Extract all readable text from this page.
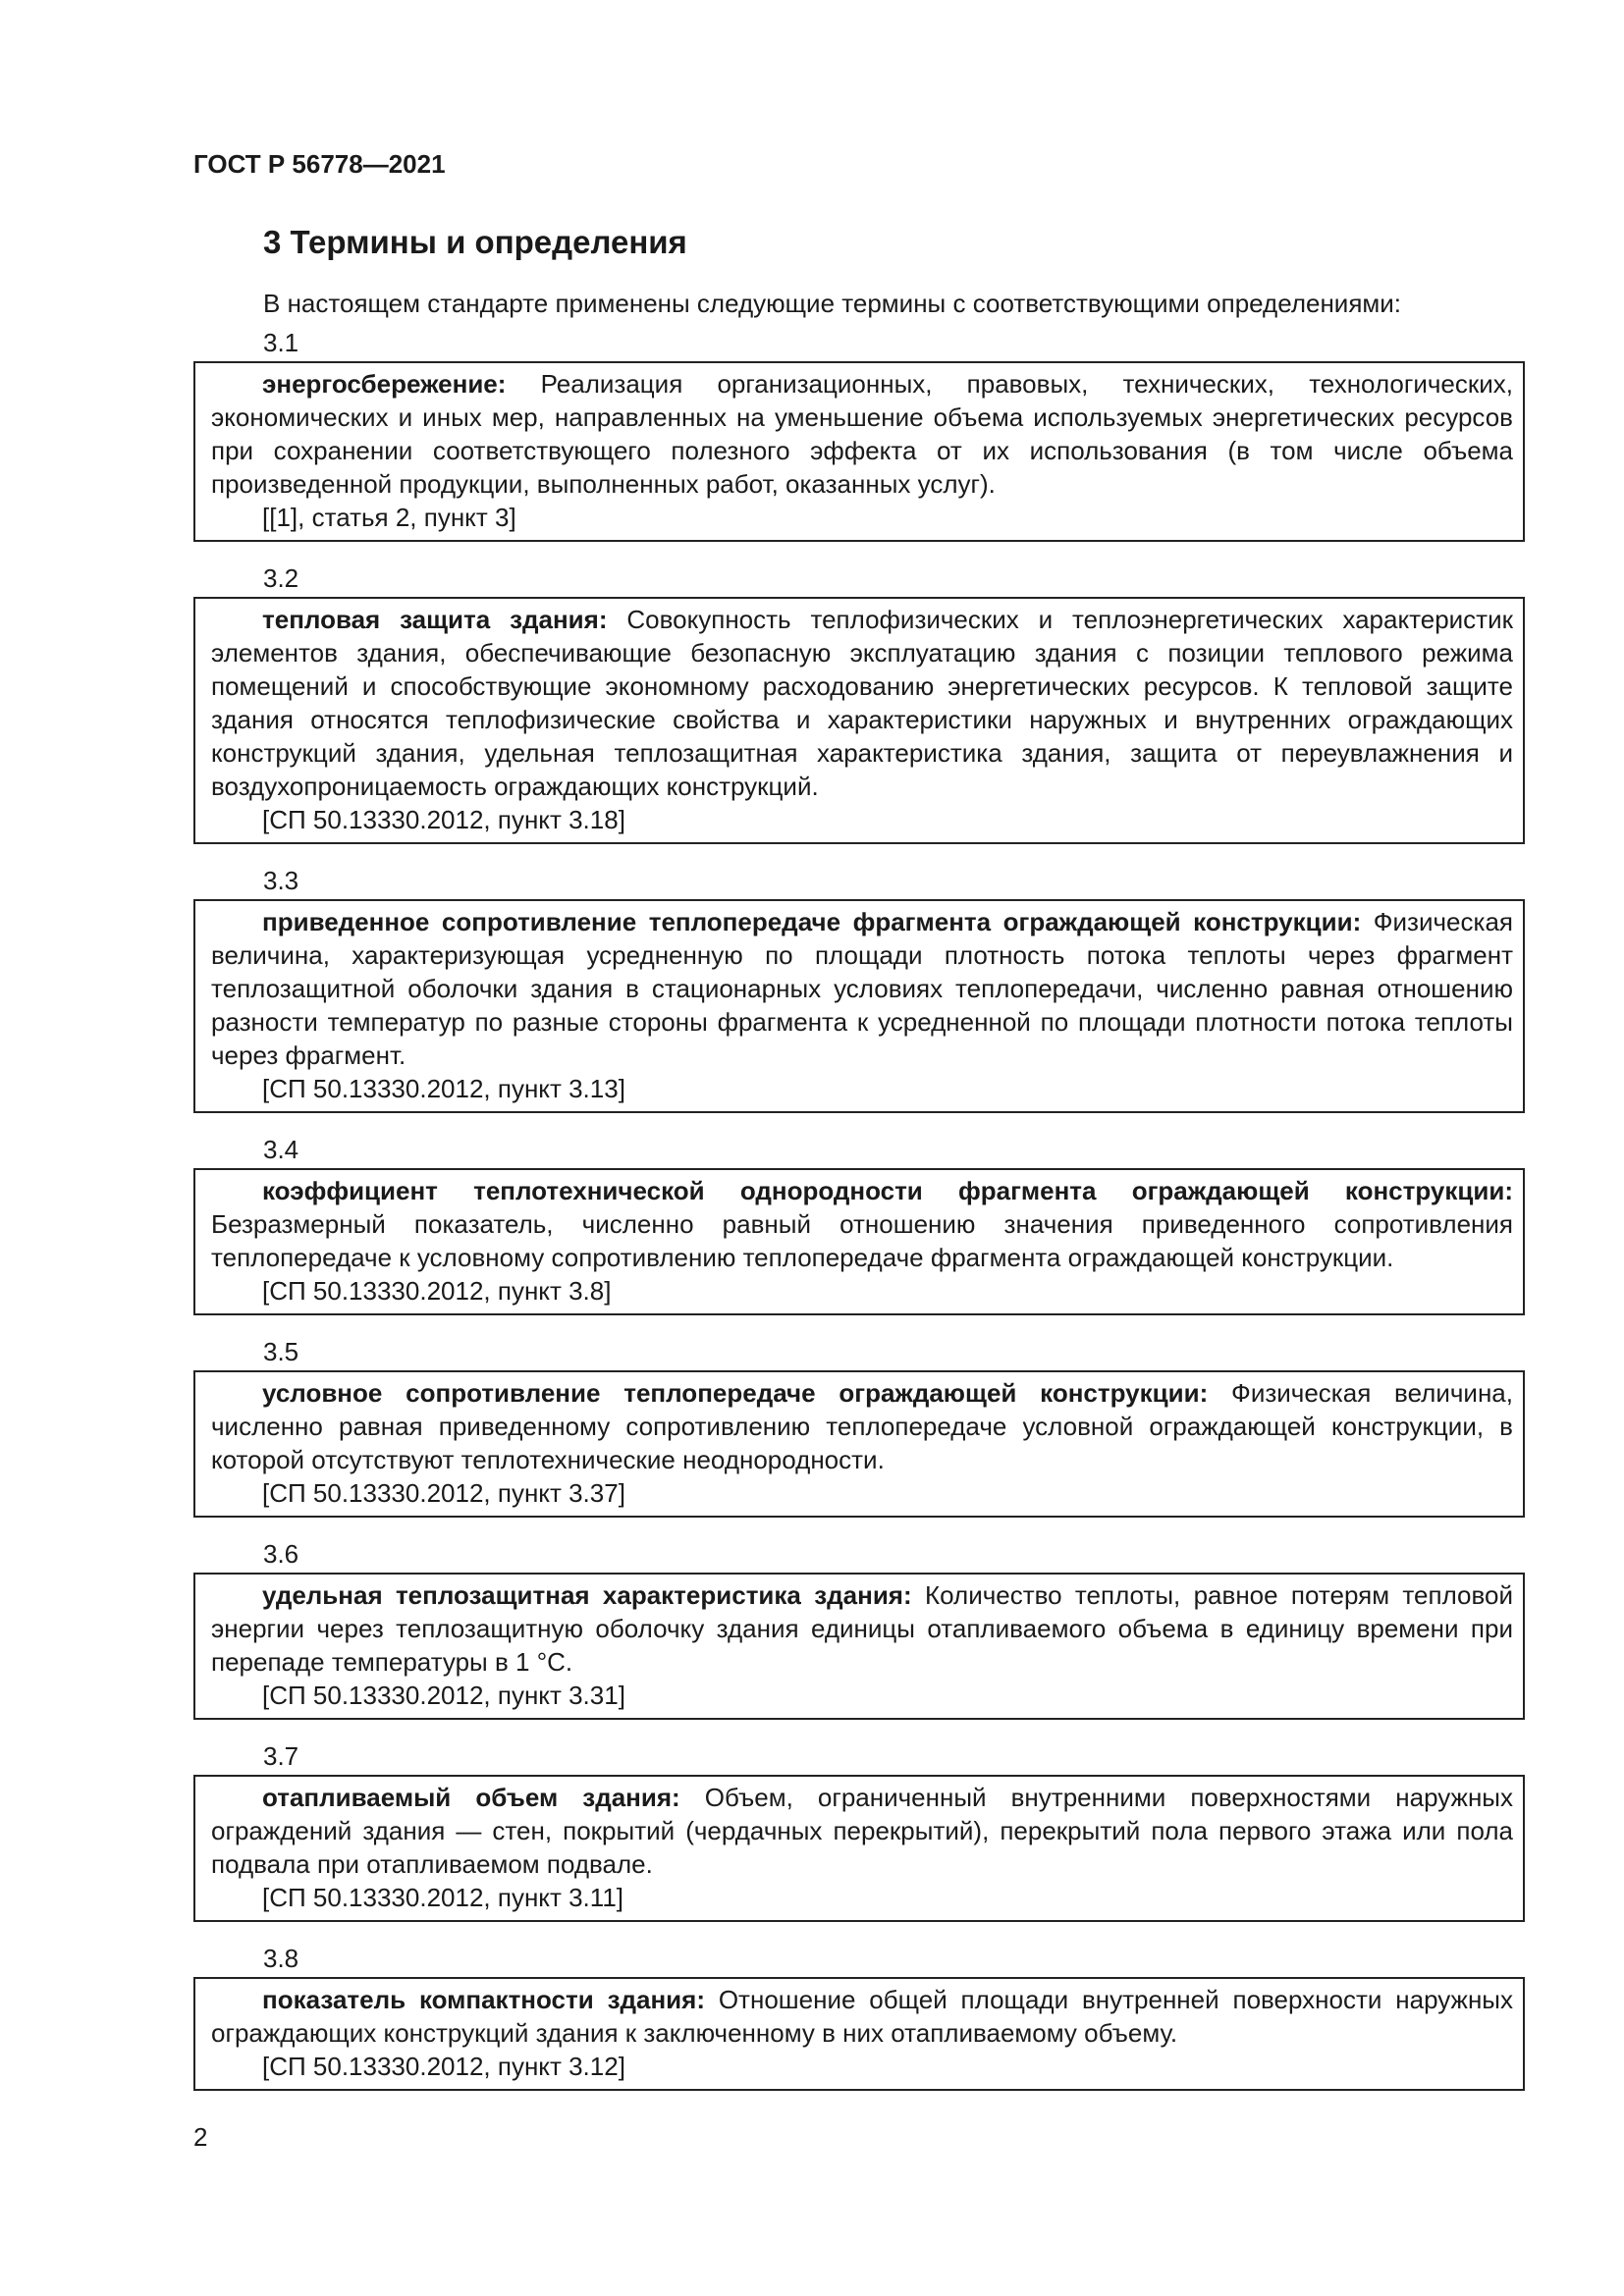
ГОСТ Р 56778—2021
3 Термины и определения
В настоящем стандарте применены следующие термины с соответствующими определениями:
3.1

энергосбережение: Реализация организационных, правовых, технических, технологических, экономических и иных мер, направленных на уменьшение объема используемых энергетических ресурсов при сохранении соответствующего полезного эффекта от их использования (в том числе объема произведенной продукции, выполненных работ, оказанных услуг).

[[1], статья 2, пункт 3]

3.2

тепловая защита здания: Совокупность теплофизических и теплоэнергетических характеристик элементов здания, обеспечивающие безопасную эксплуатацию здания с позиции теплового режима помещений и способствующие экономному расходованию энергетических ресурсов. К тепловой защите здания относятся теплофизические свойства и характеристики наружных и внутренних ограждающих конструкций здания, удельная теплозащитная характеристика здания, защита от переувлажнения и воздухопроницаемость ограждающих конструкций.

[СП 50.13330.2012, пункт 3.18]

3.3

приведенное сопротивление теплопередаче фрагмента ограждающей конструкции: Физическая величина, характеризующая усредненную по площади плотность потока теплоты через фрагмент теплозащитной оболочки здания в стационарных условиях теплопередачи, численно равная отношению разности температур по разные стороны фрагмента к усредненной по площади плотности потока теплоты через фрагмент.

[СП 50.13330.2012, пункт 3.13]

3.4

коэффициент теплотехнической однородности фрагмента ограждающей конструкции: Безразмерный показатель, численно равный отношению значения приведенного сопротивления теплопередаче к условному сопротивлению теплопередаче фрагмента ограждающей конструкции.

[СП 50.13330.2012, пункт 3.8]

3.5

условное сопротивление теплопередаче ограждающей конструкции: Физическая величина, численно равная приведенному сопротивлению теплопередаче условной ограждающей конструкции, в которой отсутствуют теплотехнические неоднородности.

[СП 50.13330.2012, пункт 3.37]

3.6

удельная теплозащитная характеристика здания: Количество теплоты, равное потерям тепловой энергии через теплозащитную оболочку здания единицы отапливаемого объема в единицу времени при перепаде температуры в 1 °С.

[СП 50.13330.2012, пункт 3.31]

3.7

отапливаемый объем здания: Объем, ограниченный внутренними поверхностями наружных ограждений здания — стен, покрытий (чердачных перекрытий), перекрытий пола первого этажа или пола подвала при отапливаемом подвале.

[СП 50.13330.2012, пункт 3.11]

3.8

показатель компактности здания: Отношение общей площади внутренней поверхности наружных ограждающих конструкций здания к заключенному в них отапливаемому объему.

[СП 50.13330.2012, пункт 3.12]

2
